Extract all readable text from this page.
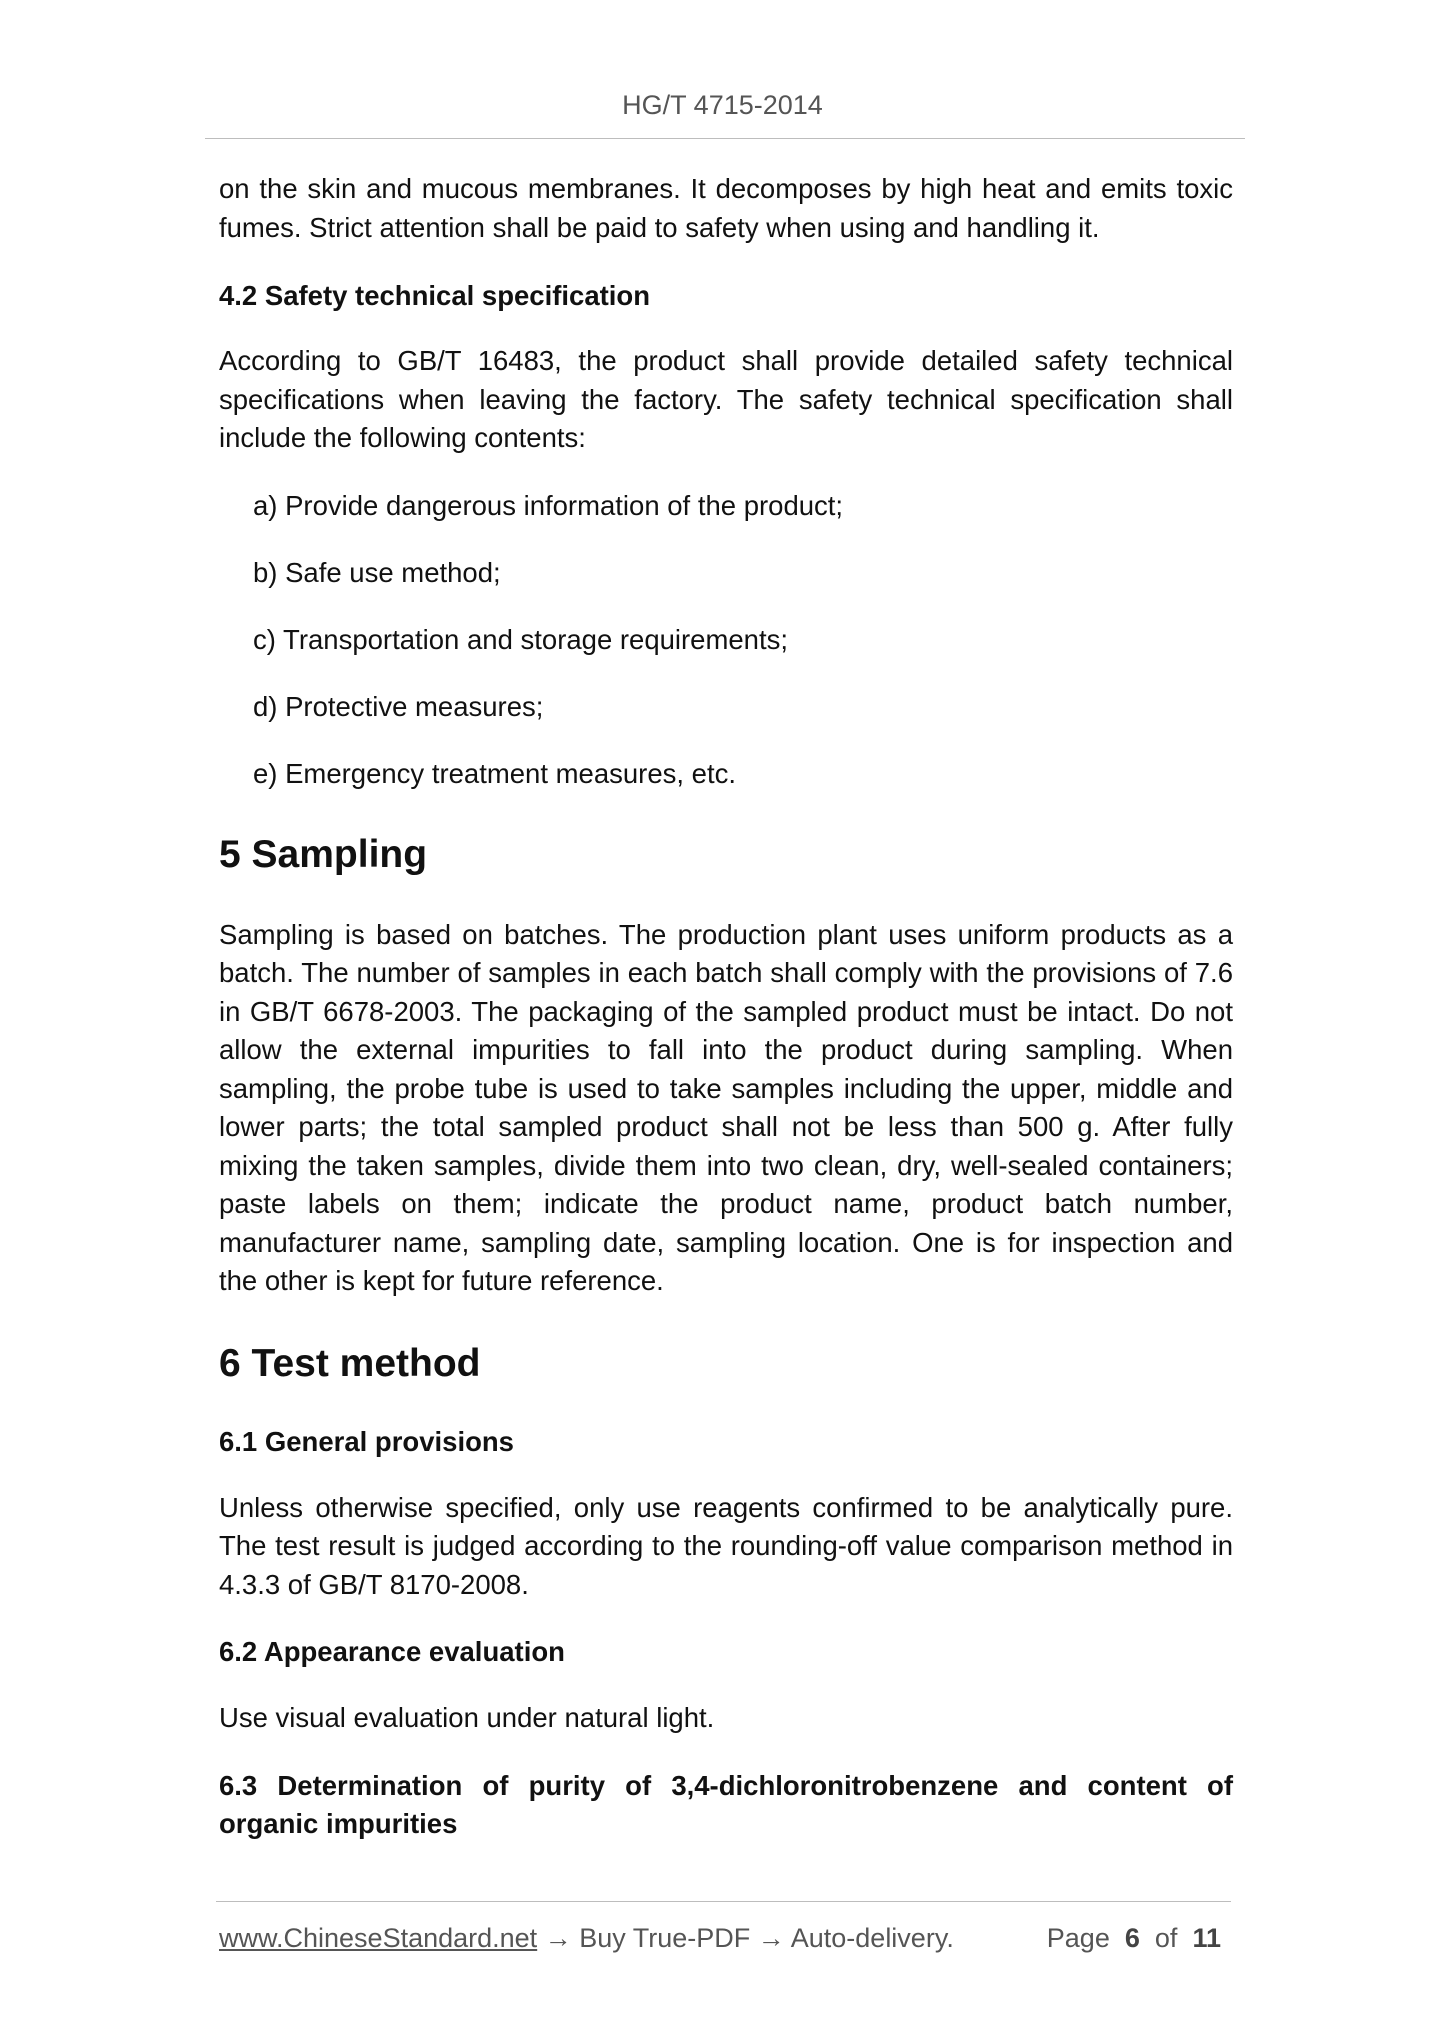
HG/T 4715-2014

on the skin and mucous membranes. It decomposes by high heat and emits toxic fumes. Strict attention shall be paid to safety when using and handling it.

4.2 Safety technical specification

According to GB/T 16483, the product shall provide detailed safety technical specifications when leaving the factory. The safety technical specification shall include the following contents:

a) Provide dangerous information of the product;

b) Safe use method;

c) Transportation and storage requirements;

d) Protective measures;

e) Emergency treatment measures, etc.

5 Sampling

Sampling is based on batches. The production plant uses uniform products as a batch. The number of samples in each batch shall comply with the provisions of 7.6 in GB/T 6678-2003. The packaging of the sampled product must be intact. Do not allow the external impurities to fall into the product during sampling. When sampling, the probe tube is used to take samples including the upper, middle and lower parts; the total sampled product shall not be less than 500 g. After fully mixing the taken samples, divide them into two clean, dry, well-sealed containers; paste labels on them; indicate the product name, product batch number, manufacturer name, sampling date, sampling location. One is for inspection and the other is kept for future reference.

6 Test method
6.1 General provisions

Unless otherwise specified, only use reagents confirmed to be analytically pure. The test result is judged according to the rounding-off value comparison method in 4.3.3 of GB/T 8170-2008.

6.2 Appearance evaluation

Use visual evaluation under natural light.

6.3 Determination of purity of 3,4-dichloronitrobenzene and content of organic impurities
www.ChineseStandard.net → Buy True-PDF → Auto-delivery.	Page 6 of 11
